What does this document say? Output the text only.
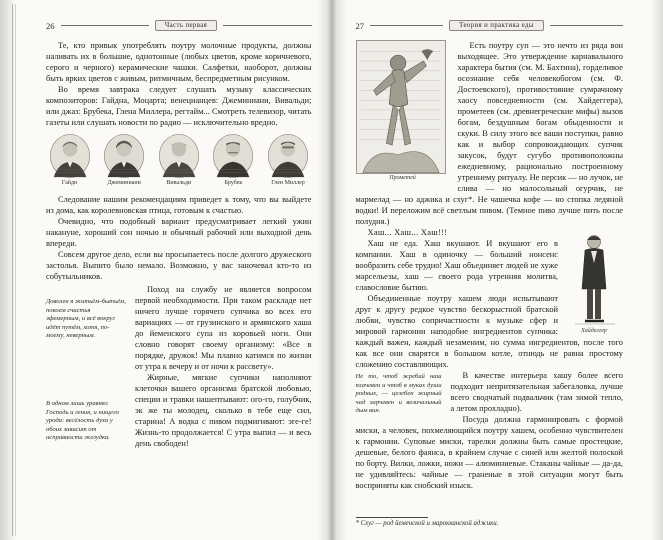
26	Часть первая

Те, кто привык употреблять поутру молочные продукты, должны наливать их в большие, однотонные (любых цветов, кроме коричневого, серого и черного) керамические чашки. Салфетки, наоборот, должны быть ярких цветов с живым, ритмичным, беспредметным рисунком.

Во время завтрака следует слушать музыку классических композиторов: Гайдна, Моцарта; венецианцев: Джеминиани, Вивальди; или джаз: Брубека, Глена Миллера, регтайм... Смотреть телевизор, читать газеты или слушать новости по радио — исключительно вредно.

Гайдн	Джеминиани	Вивальди	Брубек	Глен Миллер

Следование нашим рекомендациям приведет к тому, что вы выйдете из дома, как королевновская птица, готовым к счастью.

Очевидно, что подобный вариант предусматривает легкий ужин накануне, хороший сон ночью и обычный рабочий или выходной день впереди.

Совсем другое дело, если вы просыпаетесь после долгого дружеского застолья. Выпито было немало. Возможно, у вас заночевал кто-то из собутыльников.

Доволен я житьём-бытьём, покоем счастья эфемерным, и всё вокруг идёт путём, хотя, по-моему, неверным.
В одном лишь уравнял Господь и гения, и нищего урода: весёлость духа у обоих зависит от исправности желудка.

Поход на службу не является вопросом первой необходимости. При таком раскладе нет ничего лучше горячего супчика во всех его вариациях — от грузинского и армянского хаша до йеменского супа из коровьей ноги. Они словно говорят своему организму: «Все в порядке, дружок! Мы плавно катимся по жизни от утра к вечеру и от ночи к рассвету».

Жирные, мягкие супчики наполняют клеточки вашего организма братской любовью, специи и травки нашептывают: ого-го, голубчик, эк же ты молодец, сколько в тебе еще сил, старина! А водка с пивом подмигивают: эге-ге! Жизнь-то продолжается! С утра выпил — и весь день свободен!

27	Теория и практика еды
Прометей

Есть поутру суп — это нечто из ряда вон выходящее. Это утверждение карнавального характера бытия (см. М. Бахтина), горделивое осознание себя человекобогом (см. Ф. Достоевского), противостояние сумрачному хаосу повседневности (см. Хайдеггера), прометеев (см. древнегреческие мифы) вызов богам, бездушным богам обыденности и скуки. В силу этого все ваши поступки, равно как и выбор сопровождающих супчик закусок, будут сугубо противоположны ежедневному, рационально построенному утреннему ритуалу. Не персик — но лучок, не слива — но малосольный огурчик, не мармелад — но аджика и схуг*. Не чашечка кофе — но стопка ледяной водки! И переложим всё светлым пивом. (Темное пиво лучше пить после полудня.)

Хайдеггер

Хаш... Хаш... Хаш!!!

Хаш не еда. Хаш вкушают. И вкушают его в компании. Хаш в одиночку — больший нонсенс вообразить себе трудно! Хаш объединяет людей не хуже марсельезы, хаш — своего рода утренняя молитва, славословие бытию.

Объединенные поутру хашем люди испытывают друг к другу редкое чувство бескорыстной братской любви, чувство сопричастности к музыке сфер и мировой гармонии наподобие ингредиентов супчика: каждый важен, каждый незаменим, но сумма ингредиентов, после того как все они сварятся в большом котле, отнюдь не равна простому сложению составляющих.

Не то, чтоб жребий наш плачевен и чтоб в муках души родных, — целебен жирный чад харчевен и величальный дым вин.

В качестве интерьера хашу более всего подходит непритязательная забегаловка, лучше всего сводчатый подвальчик (там зимой тепло, а летом прохладно).

Посуда должна гармонировать с формой миски, а человек, похмеляющийся поутру хашем, особенно чувствителен к гармонии. Суповые миски, тарелки должны быть самые простецкие, дешевые, белого фаянса, в крайнем случае с синей или желтой полоской по борту. Вилки, ложки, ножи — алюминиевые. Стаканы чайные — да-да, не удивляйтесь: чайные — граненые в этой ситуации могут быть восприняты как снобский изыск.

* Схуг — род йеменской и марокканской аджики.
